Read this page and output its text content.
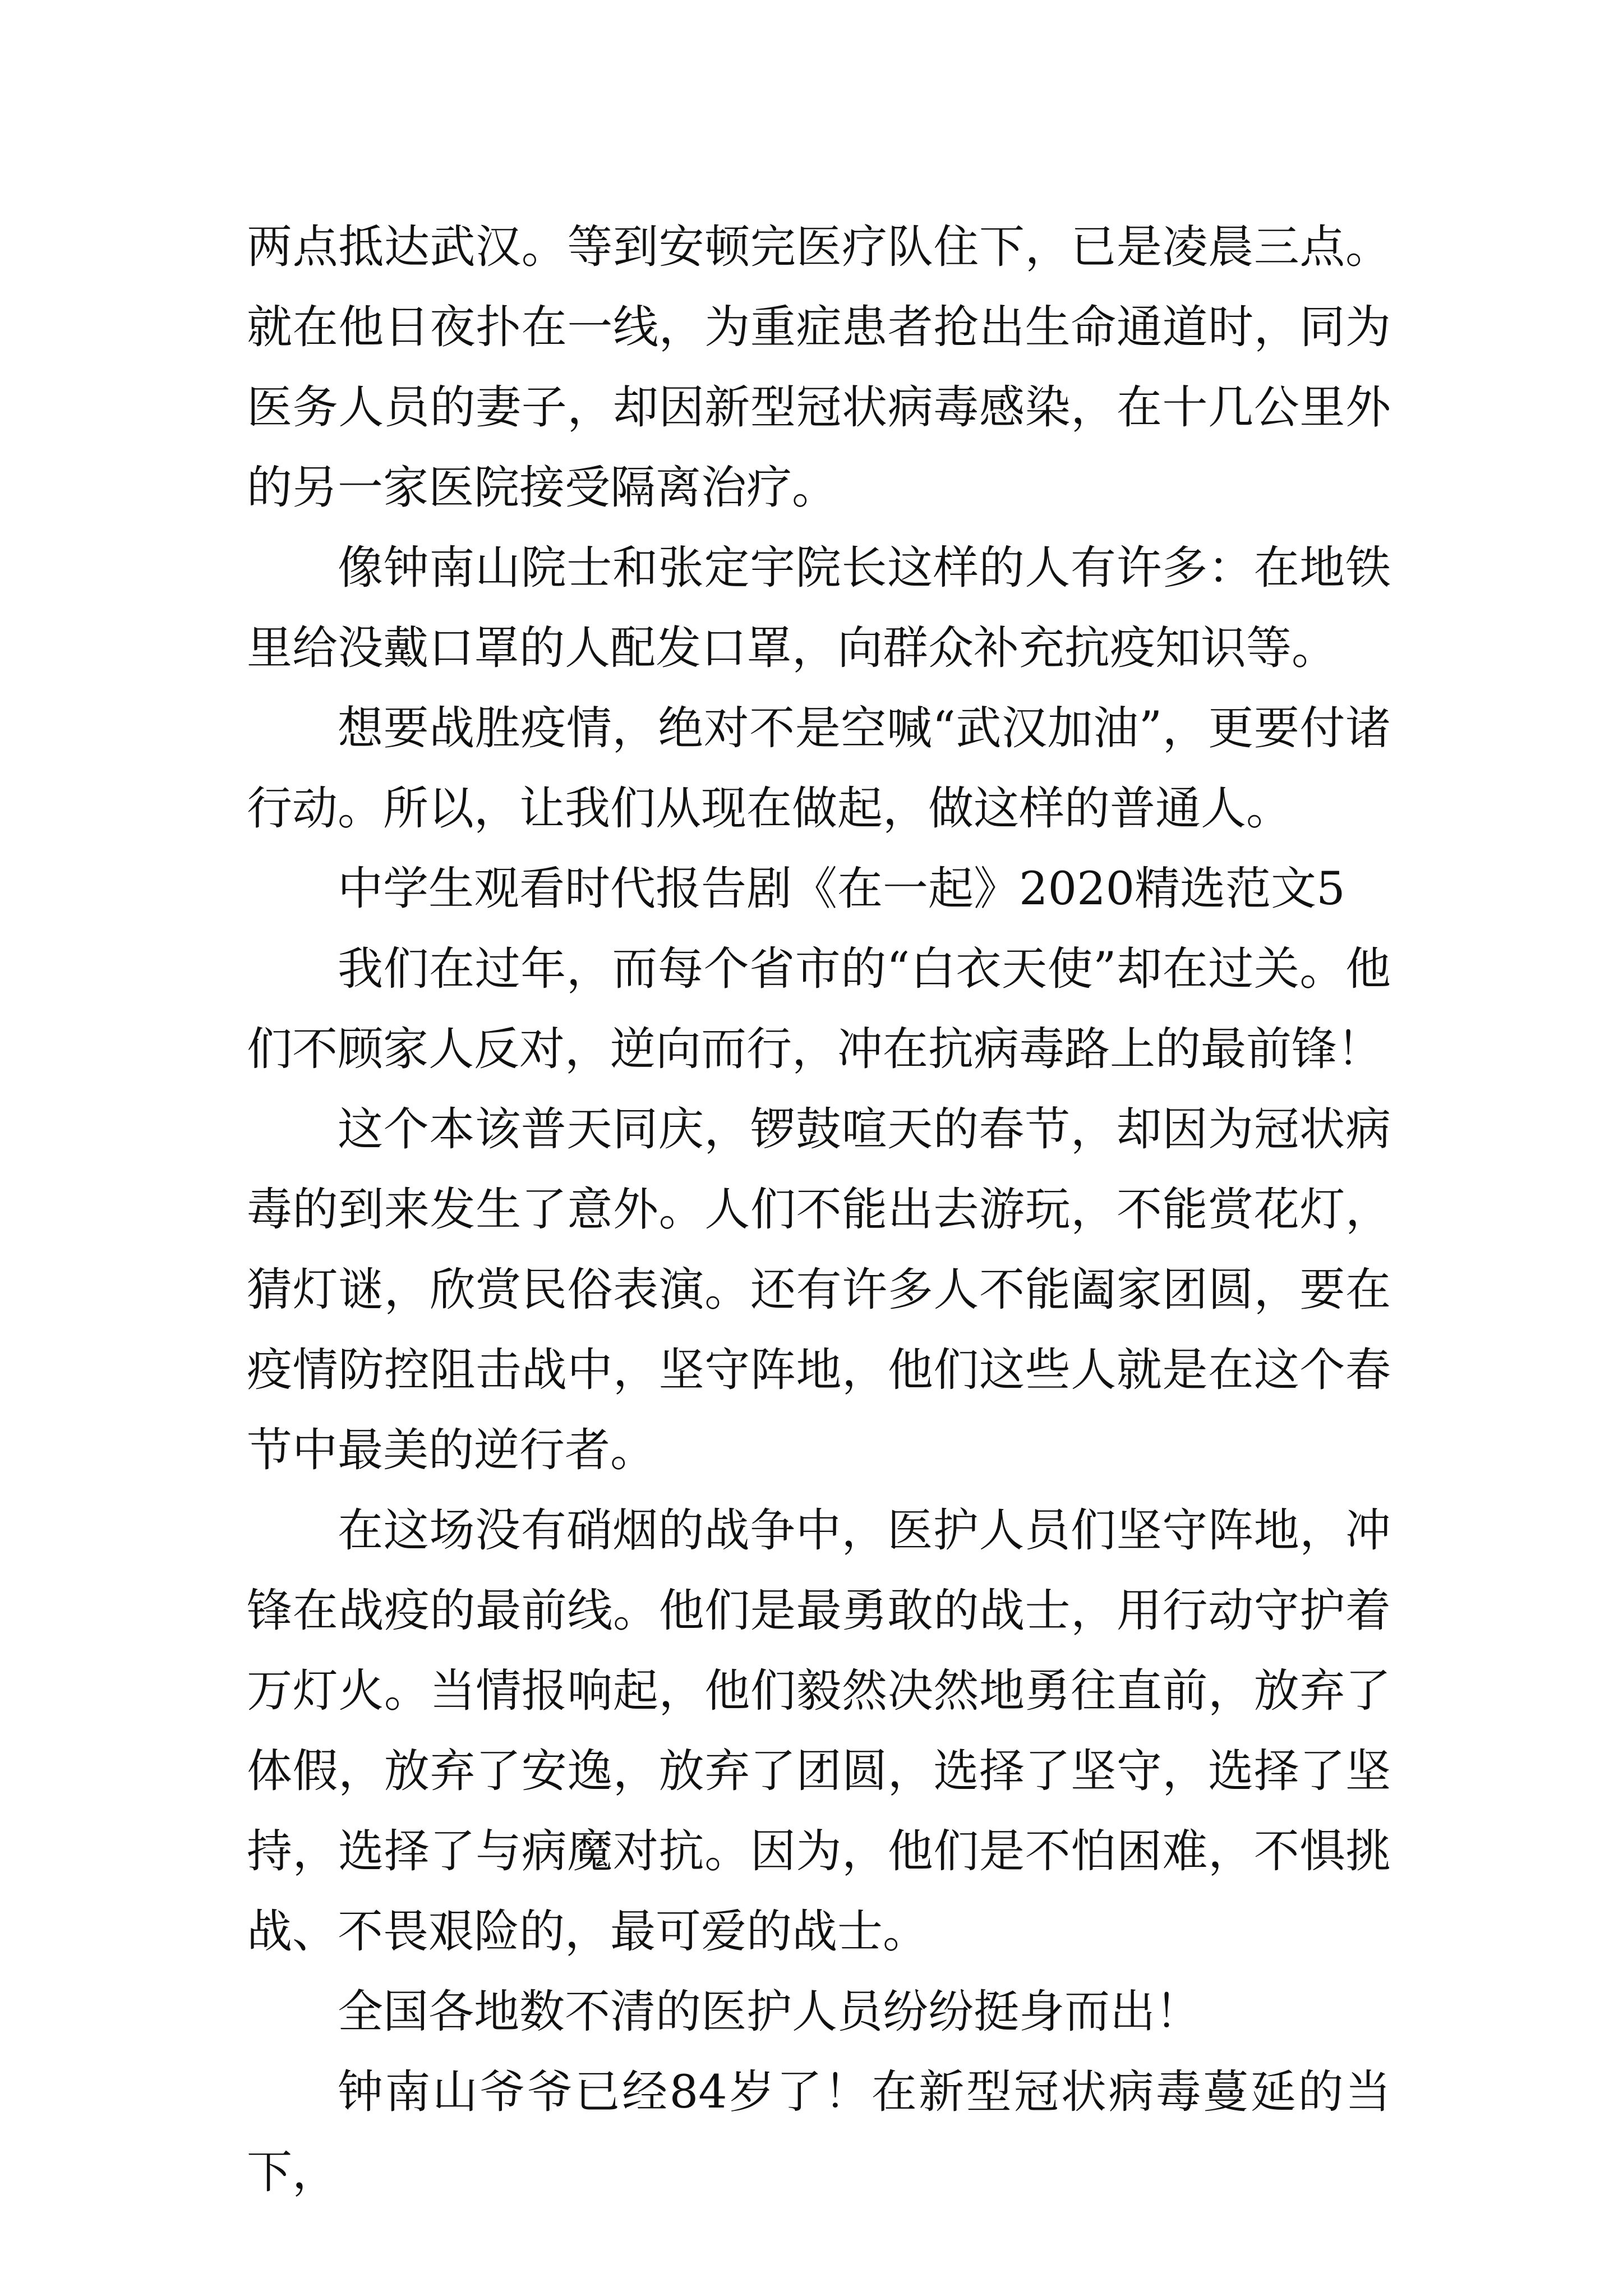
两点抵达武汉。等到安顿完医疗队住下，已是凌晨三点。就在他日夜扑在一线，为重症患者抢出生命通道时，同为医务人员的妻子，却因新型冠状病毒感染，在十几公里外的另一家医院接受隔离治疗。

像钟南山院士和张定宇院长这样的人有许多：在地铁里给没戴口罩的人配发口罩，向群众补充抗疫知识等。

想要战胜疫情，绝对不是空喊“武汉加油”，更要付诸行动。所以，让我们从现在做起，做这样的普通人。

中学生观看时代报告剧《在一起》2020精选范文5

我们在过年，而每个省市的“白衣天使”却在过关。他们不顾家人反对，逆向而行，冲在抗病毒路上的最前锋！

这个本该普天同庆，锣鼓喧天的春节，却因为冠状病毒的到来发生了意外。人们不能出去游玩，不能赏花灯，猜灯谜，欣赏民俗表演。还有许多人不能阖家团圆，要在疫情防控阻击战中，坚守阵地，他们这些人就是在这个春节中最美的逆行者。

在这场没有硝烟的战争中，医护人员们坚守阵地，冲锋在战疫的最前线。他们是最勇敢的战士，用行动守护着万灯火。当情报响起，他们毅然决然地勇往直前，放弃了体假，放弃了安逸，放弃了团圆，选择了坚守，选择了坚持，选择了与病魔对抗。因为，他们是不怕困难，不惧挑战、不畏艰险的，最可爱的战士。

全国各地数不清的医护人员纷纷挺身而出！

钟南山爷爷已经84岁了！在新型冠状病毒蔓延的当下，
